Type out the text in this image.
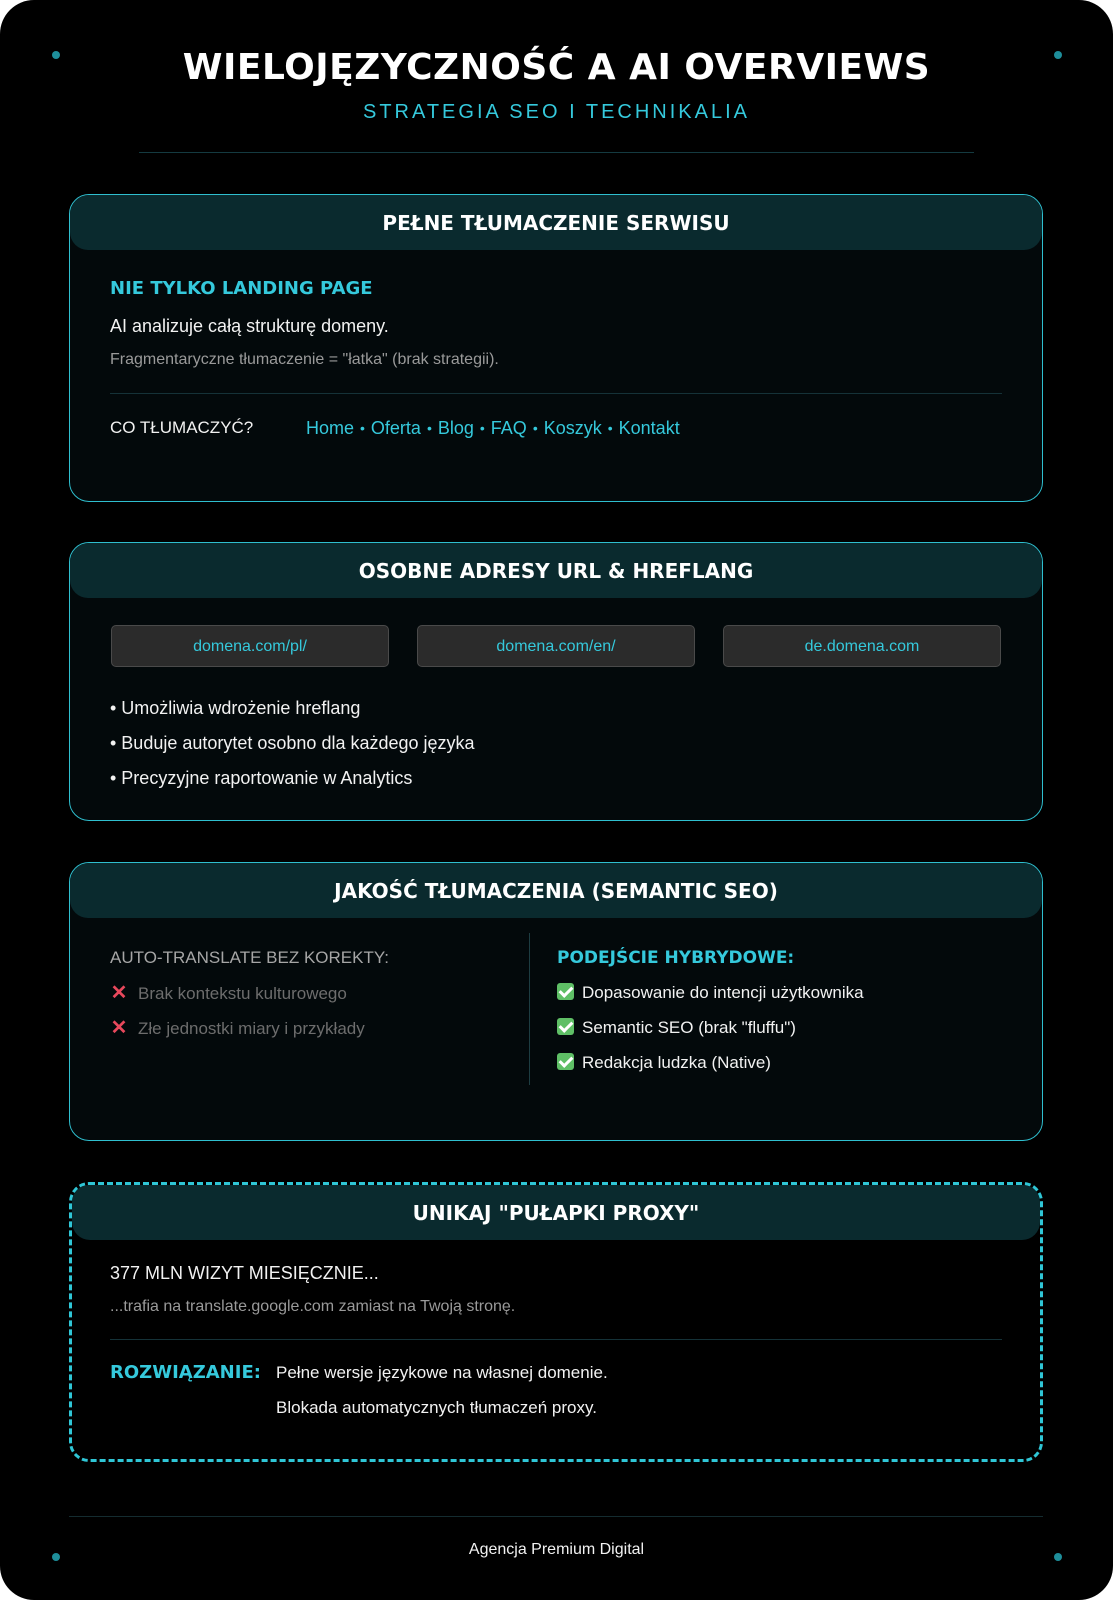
WIELOJĘZYCZNOŚĆ A AI OVERVIEWS
STRATEGIA SEO I TECHNIKALIA
PEŁNE TŁUMACZENIE SERWISU
NIE TYLKO LANDING PAGE
AI analizuje całą strukturę domeny.
Fragmentaryczne tłumaczenie = "łatka" (brak strategii).
CO TŁUMACZYĆ?	Home • Oferta • Blog • FAQ • Koszyk • Kontakt
OSOBNE ADRESY URL & HREFLANG
• Umożliwia wdrożenie hreflang
• Buduje autorytet osobno dla każdego języka
• Precyzyjne raportowanie w Analytics
domena.com/pl/	domena.com/en/	de.domena.com
JAKOŚĆ TŁUMACZENIA (SEMANTIC SEO)
AUTO-TRANSLATE BEZ KOREKTY:
✕ Brak kontekstu kulturowego
✕ Złe jednostki miary i przykłady
PODEJŚCIE HYBRYDOWE:
Dopasowanie do intencji użytkownika
Semantic SEO (brak "fluffu")
Redakcja ludzka (Native)
UNIKAJ "PUŁAPKI PROXY"
377 MLN WIZYT MIESIĘCZNIE...
...trafia na translate.google.com zamiast na Twoją stronę.
ROZWIĄZANIE: Pełne wersje językowe na własnej domenie.
Blokada automatycznych tłumaczeń proxy.
Agencja Premium Digital
